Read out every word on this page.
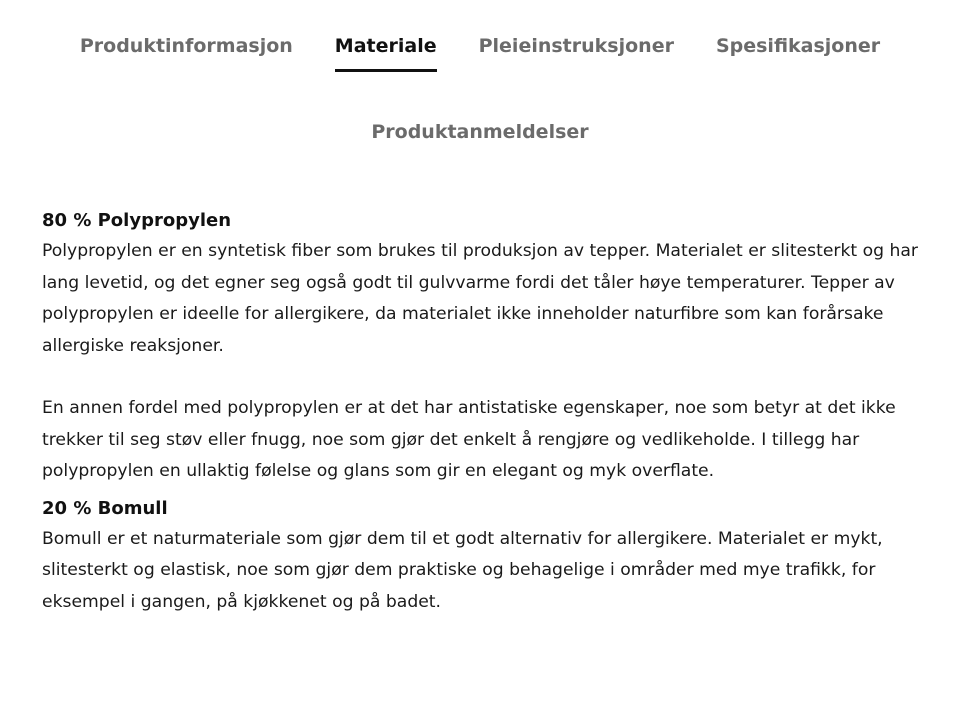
Produktinformasjon Materiale Pleieinstruksjoner Spesifikasjoner
Produktanmeldelser
80 % Polypropylen

Polypropylen er en syntetisk fiber som brukes til produksjon av tepper. Materialet er slitesterkt og har lang levetid, og det egner seg også godt til gulvvarme fordi det tåler høye temperaturer. Tepper av polypropylen er ideelle for allergikere, da materialet ikke inneholder naturfibre som kan forårsake allergiske reaksjoner.

En annen fordel med polypropylen er at det har antistatiske egenskaper, noe som betyr at det ikke trekker til seg støv eller fnugg, noe som gjør det enkelt å rengjøre og vedlikeholde. I tillegg har polypropylen en ullaktig følelse og glans som gir en elegant og myk overflate.

20 % Bomull

Bomull er et naturmateriale som gjør dem til et godt alternativ for allergikere. Materialet er mykt, slitesterkt og elastisk, noe som gjør dem praktiske og behagelige i områder med mye trafikk, for eksempel i gangen, på kjøkkenet og på badet.
